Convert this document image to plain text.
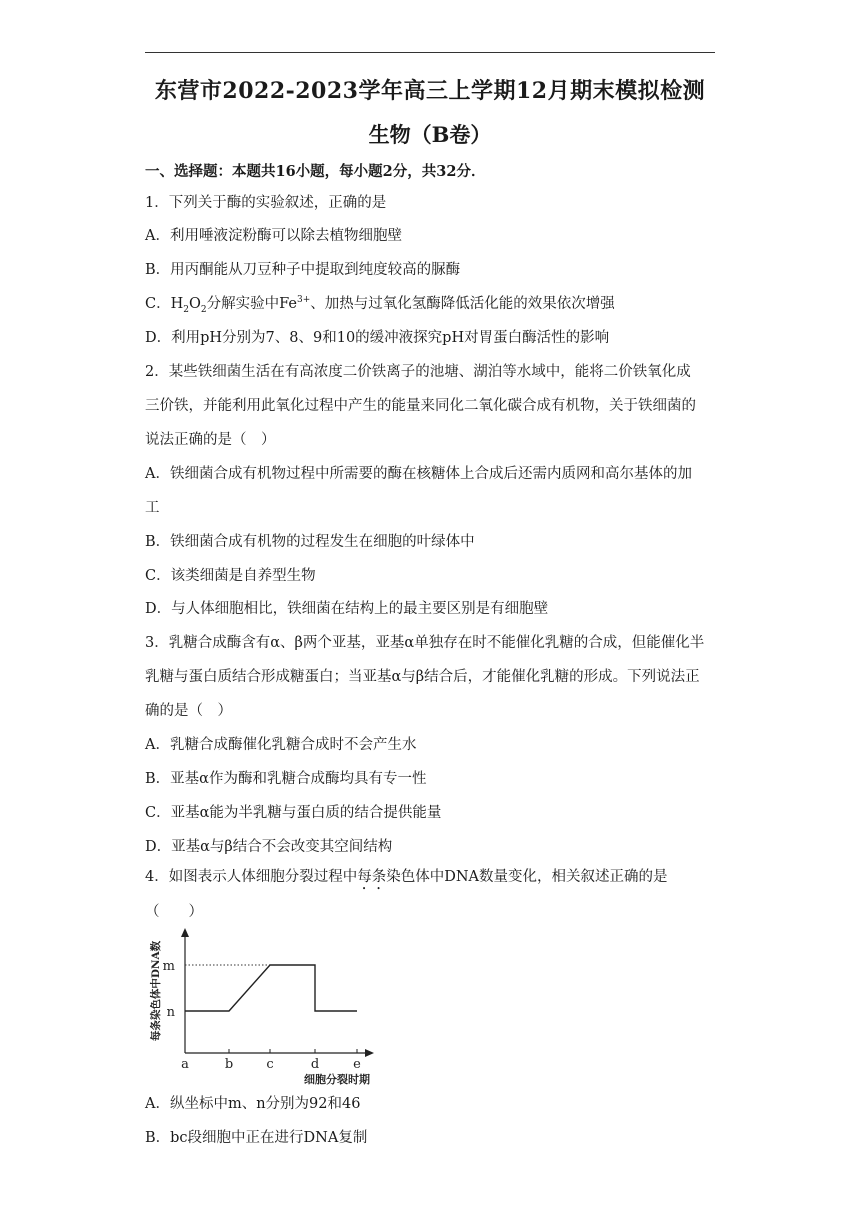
东营市2022-2023学年高三上学期12月期末模拟检测
生物（B卷）
一、选择题：本题共16小题，每小题2分，共32分．
1．下列关于酶的实验叙述，正确的是
A．利用唾液淀粉酶可以除去植物细胞壁
B．用丙酮能从刀豆种子中提取到纯度较高的脲酶
C．$H_2O_2$分解实验中$Fe^{3+}$、加热与过氧化氢酶降低活化能的效果依次增强
D．利用pH分别为7、8、9和10的缓冲液探究pH对胃蛋白酶活性的影响
2．某些铁细菌生活在有高浓度二价铁离子的池塘、湖泊等水域中，能将二价铁氧化成
三价铁，并能利用此氧化过程中产生的能量来同化二氧化碳合成有机物，关于铁细菌的
说法正确的是（　）
A．铁细菌合成有机物过程中所需要的酶在核糖体上合成后还需内质网和高尔基体的加
工
B．铁细菌合成有机物的过程发生在细胞的叶绿体中
C．该类细菌是自养型生物
D．与人体细胞相比，铁细菌在结构上的最主要区别是有细胞壁
3．乳糖合成酶含有α、β两个亚基，亚基α单独存在时不能催化乳糖的合成，但能催化半
乳糖与蛋白质结合形成糖蛋白；当亚基α与β结合后，才能催化乳糖的形成。下列说法正
确的是（　）
A．乳糖合成酶催化乳糖合成时不会产生水
B．亚基α作为酶和乳糖合成酶均具有专一性
C．亚基α能为半乳糖与蛋白质的结合提供能量
D．亚基α与β结合不会改变其空间结构
4．如图表示人体细胞分裂过程中每条染色体中DNA数量变化，相关叙述正确的是
（　　）
a	b	c	d	e
n
m
细胞分裂时期
每条染色体中DNA数
A．纵坐标中m、n分别为92和46
B．bc段细胞中正在进行DNA复制
